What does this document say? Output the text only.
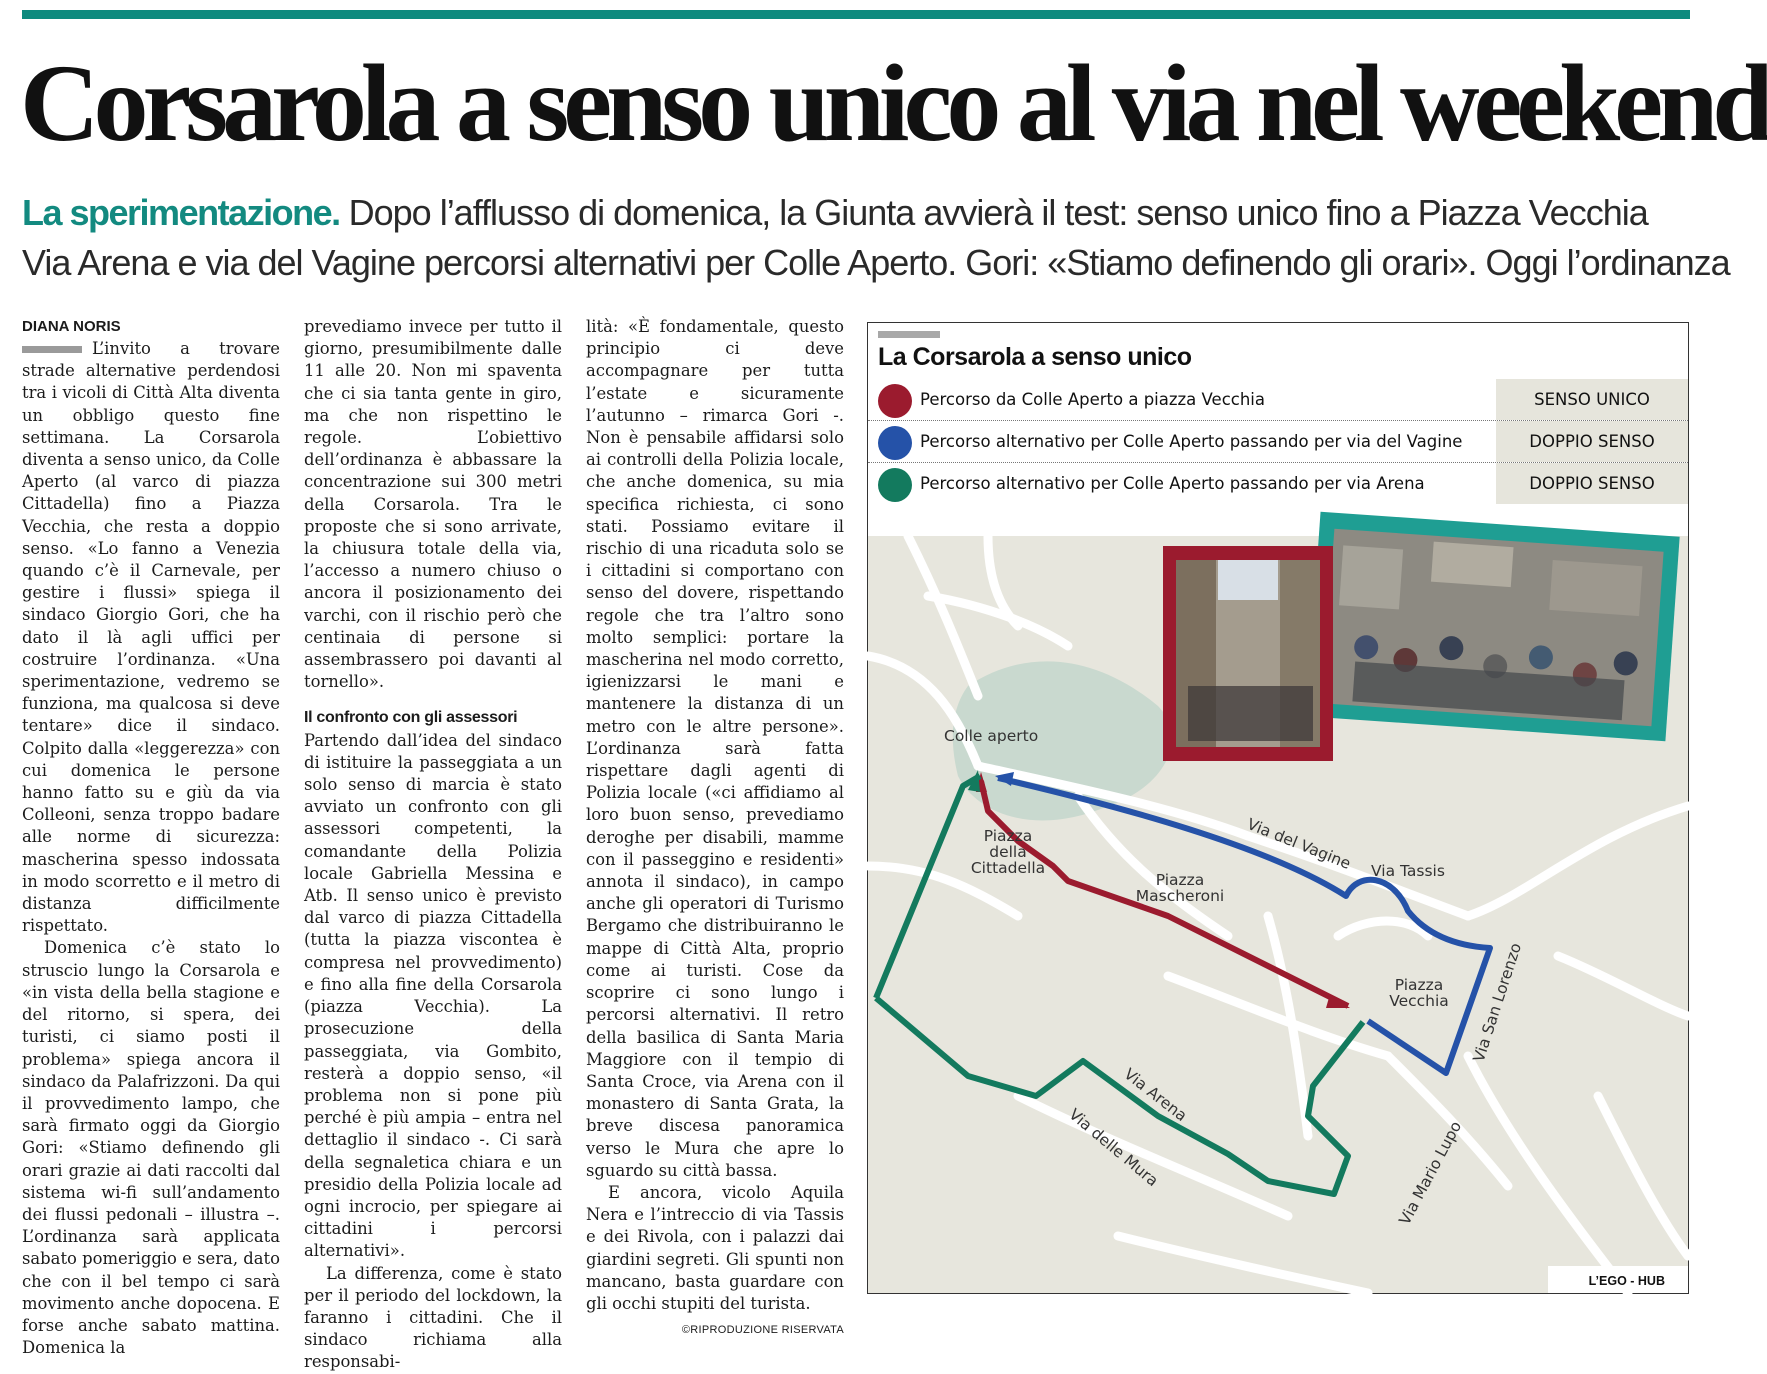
Corsarola a senso unico al via nel weekend
La sperimentazione. Dopo l’afflusso di domenica, la Giunta avvierà il test: senso unico fino a Piazza Vecchia
Via Arena e via del Vagine percorsi alternativi per Colle Aperto. Gori: «Stiamo definendo gli orari». Oggi l’ordinanza
DIANA NORIS

L’invito a trovare strade alternative perdendosi tra i vicoli di Città Alta diventa un obbligo questo fine settimana. La Corsarola diventa a senso unico, da Colle Aperto (al varco di piazza Cittadella) fino a Piazza Vecchia, che resta a doppio senso. «Lo fanno a Venezia quando c’è il Carnevale, per gestire i flussi» spiega il sindaco Giorgio Gori, che ha dato il là agli uffici per costruire l’ordinanza. «Una sperimentazione, vedremo se funziona, ma qualcosa si deve tentare» dice il sindaco. Colpito dalla «leggerezza» con cui domenica le persone hanno fatto su e giù da via Colleoni, senza troppo badare alle norme di sicurezza: mascherina spesso indossata in modo scorretto e il metro di distanza difficilmente rispettato.

Domenica c’è stato lo struscio lungo la Corsarola e «in vista della bella stagione e del ritorno, si spera, dei turisti, ci siamo posti il problema» spiega ancora il sindaco da Palafrizzoni. Da qui il provvedimento lampo, che sarà firmato oggi da Giorgio Gori: «Stiamo definendo gli orari grazie ai dati raccolti dal sistema wi-fi sull’andamento dei flussi pedonali – illustra –. L’ordinanza sarà applicata sabato pomeriggio e sera, dato che con il bel tempo ci sarà movimento anche dopocena. E forse anche sabato mattina. Domenica la

prevediamo invece per tutto il giorno, presumibilmente dalle 11 alle 20. Non mi spaventa che ci sia tanta gente in giro, ma che non rispettino le regole. L’obiettivo dell’ordinanza è abbassare la concentrazione sui 300 metri della Corsarola. Tra le proposte che si sono arrivate, la chiusura totale della via, l’accesso a numero chiuso o ancora il posizionamento dei varchi, con il rischio però che centinaia di persone si assembrassero poi davanti al tornello».

Il confronto con gli assessori

Partendo dall’idea del sindaco di istituire la passeggiata a un solo senso di marcia è stato avviato un confronto con gli assessori competenti, la comandante della Polizia locale Gabriella Messina e Atb. Il senso unico è previsto dal varco di piazza Cittadella (tutta la piazza viscontea è compresa nel provvedimento) e fino alla fine della Corsarola (piazza Vecchia). La prosecuzione della passeggiata, via Gombito, resterà a doppio senso, «il problema non si pone più perché è più ampia – entra nel dettaglio il sindaco -. Ci sarà della segnaletica chiara e un presidio della Polizia locale ad ogni incrocio, per spiegare ai cittadini i percorsi alternativi».

La differenza, come è stato per il periodo del lockdown, la faranno i cittadini. Che il sindaco richiama alla responsabi-

lità: «È fondamentale, questo principio ci deve accompagnare per tutta l’estate e sicuramente l’autunno – rimarca Gori -. Non è pensabile affidarsi solo ai controlli della Polizia locale, che anche domenica, su mia specifica richiesta, ci sono stati. Possiamo evitare il rischio di una ricaduta solo se i cittadini si comportano con senso del dovere, rispettando regole che tra l’altro sono molto semplici: portare la mascherina nel modo corretto, igienizzarsi le mani e mantenere la distanza di un metro con le altre persone». L’ordinanza sarà fatta rispettare dagli agenti di Polizia locale («ci affidiamo al loro buon senso, prevediamo deroghe per disabili, mamme con il passeggino e residenti» annota il sindaco), in campo anche gli operatori di Turismo Bergamo che distribuiranno le mappe di Città Alta, proprio come ai turisti. Cose da scoprire ci sono lungo i percorsi alternativi. Il retro della basilica di Santa Maria Maggiore con il tempio di Santa Croce, via Arena con il monastero di Santa Grata, la breve discesa panoramica verso le Mura che apre lo sguardo su città bassa.

E ancora, vicolo Aquila Nera e l’intreccio di via Tassis e dei Rivola, con i palazzi dai giardini segreti. Gli spunti non mancano, basta guardare con gli occhi stupiti del turista.

©RIPRODUZIONE RISERVATA
La Corsarola a senso unico
Percorso da Colle Aperto a piazza Vecchia	SENSO UNICO
Percorso alternativo per Colle Aperto passando per via del Vagine	DOPPIO SENSO
Percorso alternativo per Colle Aperto passando per via Arena	DOPPIO SENSO
Colle aperto
Piazza
della
Cittadella
Piazza
Mascheroni
Via del Vagine Via Tassis
Piazza
Vecchia Via San Lorenzo
Via Arena
Via delle Mura	Via Mario Lupo
L’EGO - HUB
